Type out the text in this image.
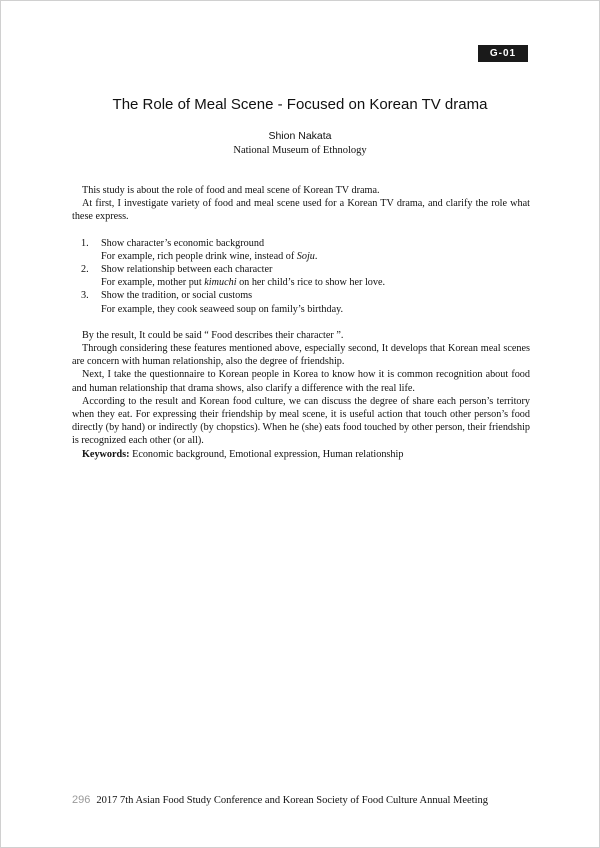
G-01
The Role of Meal Scene - Focused on Korean TV drama
Shion Nakata
National Museum of Ethnology

This study is about the role of food and meal scene of Korean TV drama.

At first, I investigate variety of food and meal scene used for a Korean TV drama, and clarify the role what these express.

1. Show character’s economic background
For example, rich people drink wine, instead of Soju.
2. Show relationship between each character
For example, mother put kimuchi on her child’s rice to show her love.
3. Show the tradition, or social customs
For example, they cook seaweed soup on family’s birthday.

By the result, It could be said “ Food describes their character ”.

Through considering these features mentioned above, especially second, It develops that Korean meal scenes are concern with human relationship, also the degree of friendship.

Next, I take the questionnaire to Korean people in Korea to know how it is common recognition about food and human relationship that drama shows, also clarify a difference with the real life.

According to the result and Korean food culture, we can discuss the degree of share each person’s territory when they eat. For expressing their friendship by meal scene, it is useful action that touch other person’s food directly (by hand) or indirectly (by chopstics). When he (she) eats food touched by other person, their friendship is recognized each other (or all).

Keywords: Economic background, Emotional expression, Human relationship

296 2017 7th Asian Food Study Conference and Korean Society of Food Culture Annual Meeting
